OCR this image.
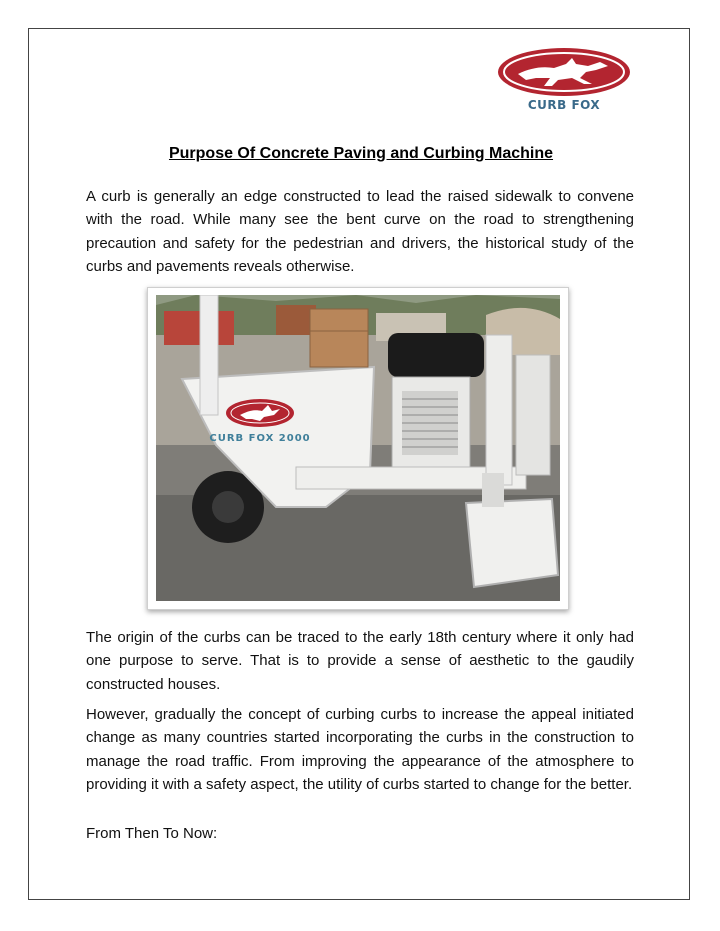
CURB FOX
Purpose Of Concrete Paving and Curbing Machine

A curb is generally an edge constructed to lead the raised sidewalk to convene with the road. While many see the bent curve on the road to strengthening precaution and safety for the pedestrian and drivers, the historical study of the curbs and pavements reveals otherwise.

CURB FOX 2000

The origin of the curbs can be traced to the early 18th century where it only had one purpose to serve. That is to provide a sense of aesthetic to the gaudily constructed houses.

However, gradually the concept of curbing curbs to increase the appeal initiated change as many countries started incorporating the curbs in the construction to manage the road traffic. From improving the appearance of the atmosphere to providing it with a safety aspect, the utility of curbs started to change for the better.

From Then To Now:
